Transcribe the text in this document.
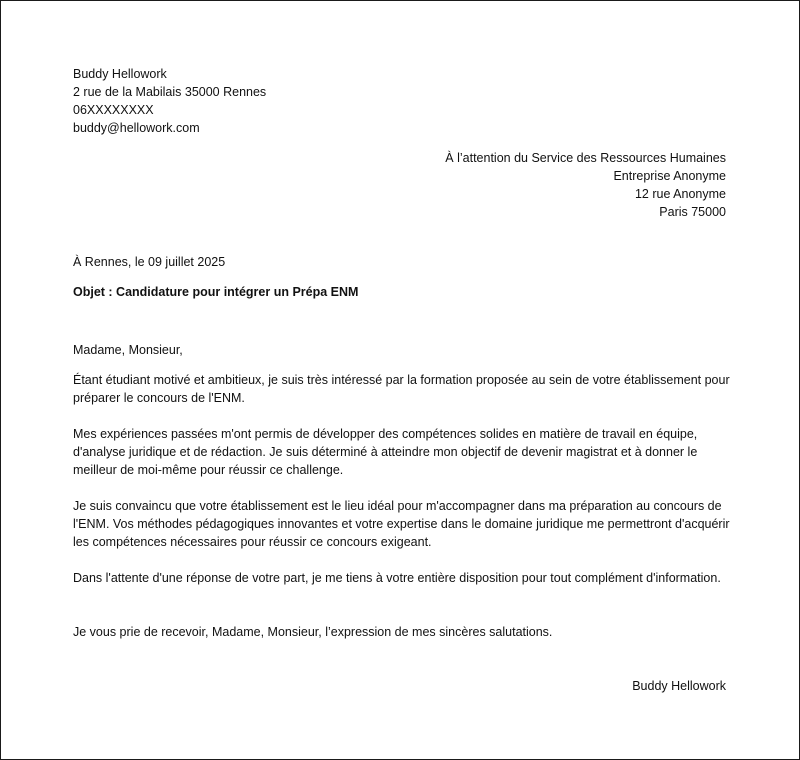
Buddy Hellowork

2 rue de la Mabilais 35000 Rennes

06XXXXXXXX

buddy@hellowork.com

À l’attention du Service des Ressources Humaines

Entreprise Anonyme

12 rue Anonyme

Paris 75000

À Rennes, le 09 juillet 2025

Objet : Candidature pour intégrer un Prépa ENM

Madame, Monsieur,

Étant étudiant motivé et ambitieux, je suis très intéressé par la formation proposée au sein de votre établissement pour préparer le concours de l'ENM.

Mes expériences passées m'ont permis de développer des compétences solides en matière de travail en équipe, d'analyse juridique et de rédaction. Je suis déterminé à atteindre mon objectif de devenir magistrat et à donner le meilleur de moi-même pour réussir ce challenge.

Je suis convaincu que votre établissement est le lieu idéal pour m'accompagner dans ma préparation au concours de l'ENM. Vos méthodes pédagogiques innovantes et votre expertise dans le domaine juridique me permettront d'acquérir les compétences nécessaires pour réussir ce concours exigeant.

Dans l'attente d'une réponse de votre part, je me tiens à votre entière disposition pour tout complément d'information.

Je vous prie de recevoir, Madame, Monsieur, l’expression de mes sincères salutations.

Buddy Hellowork
